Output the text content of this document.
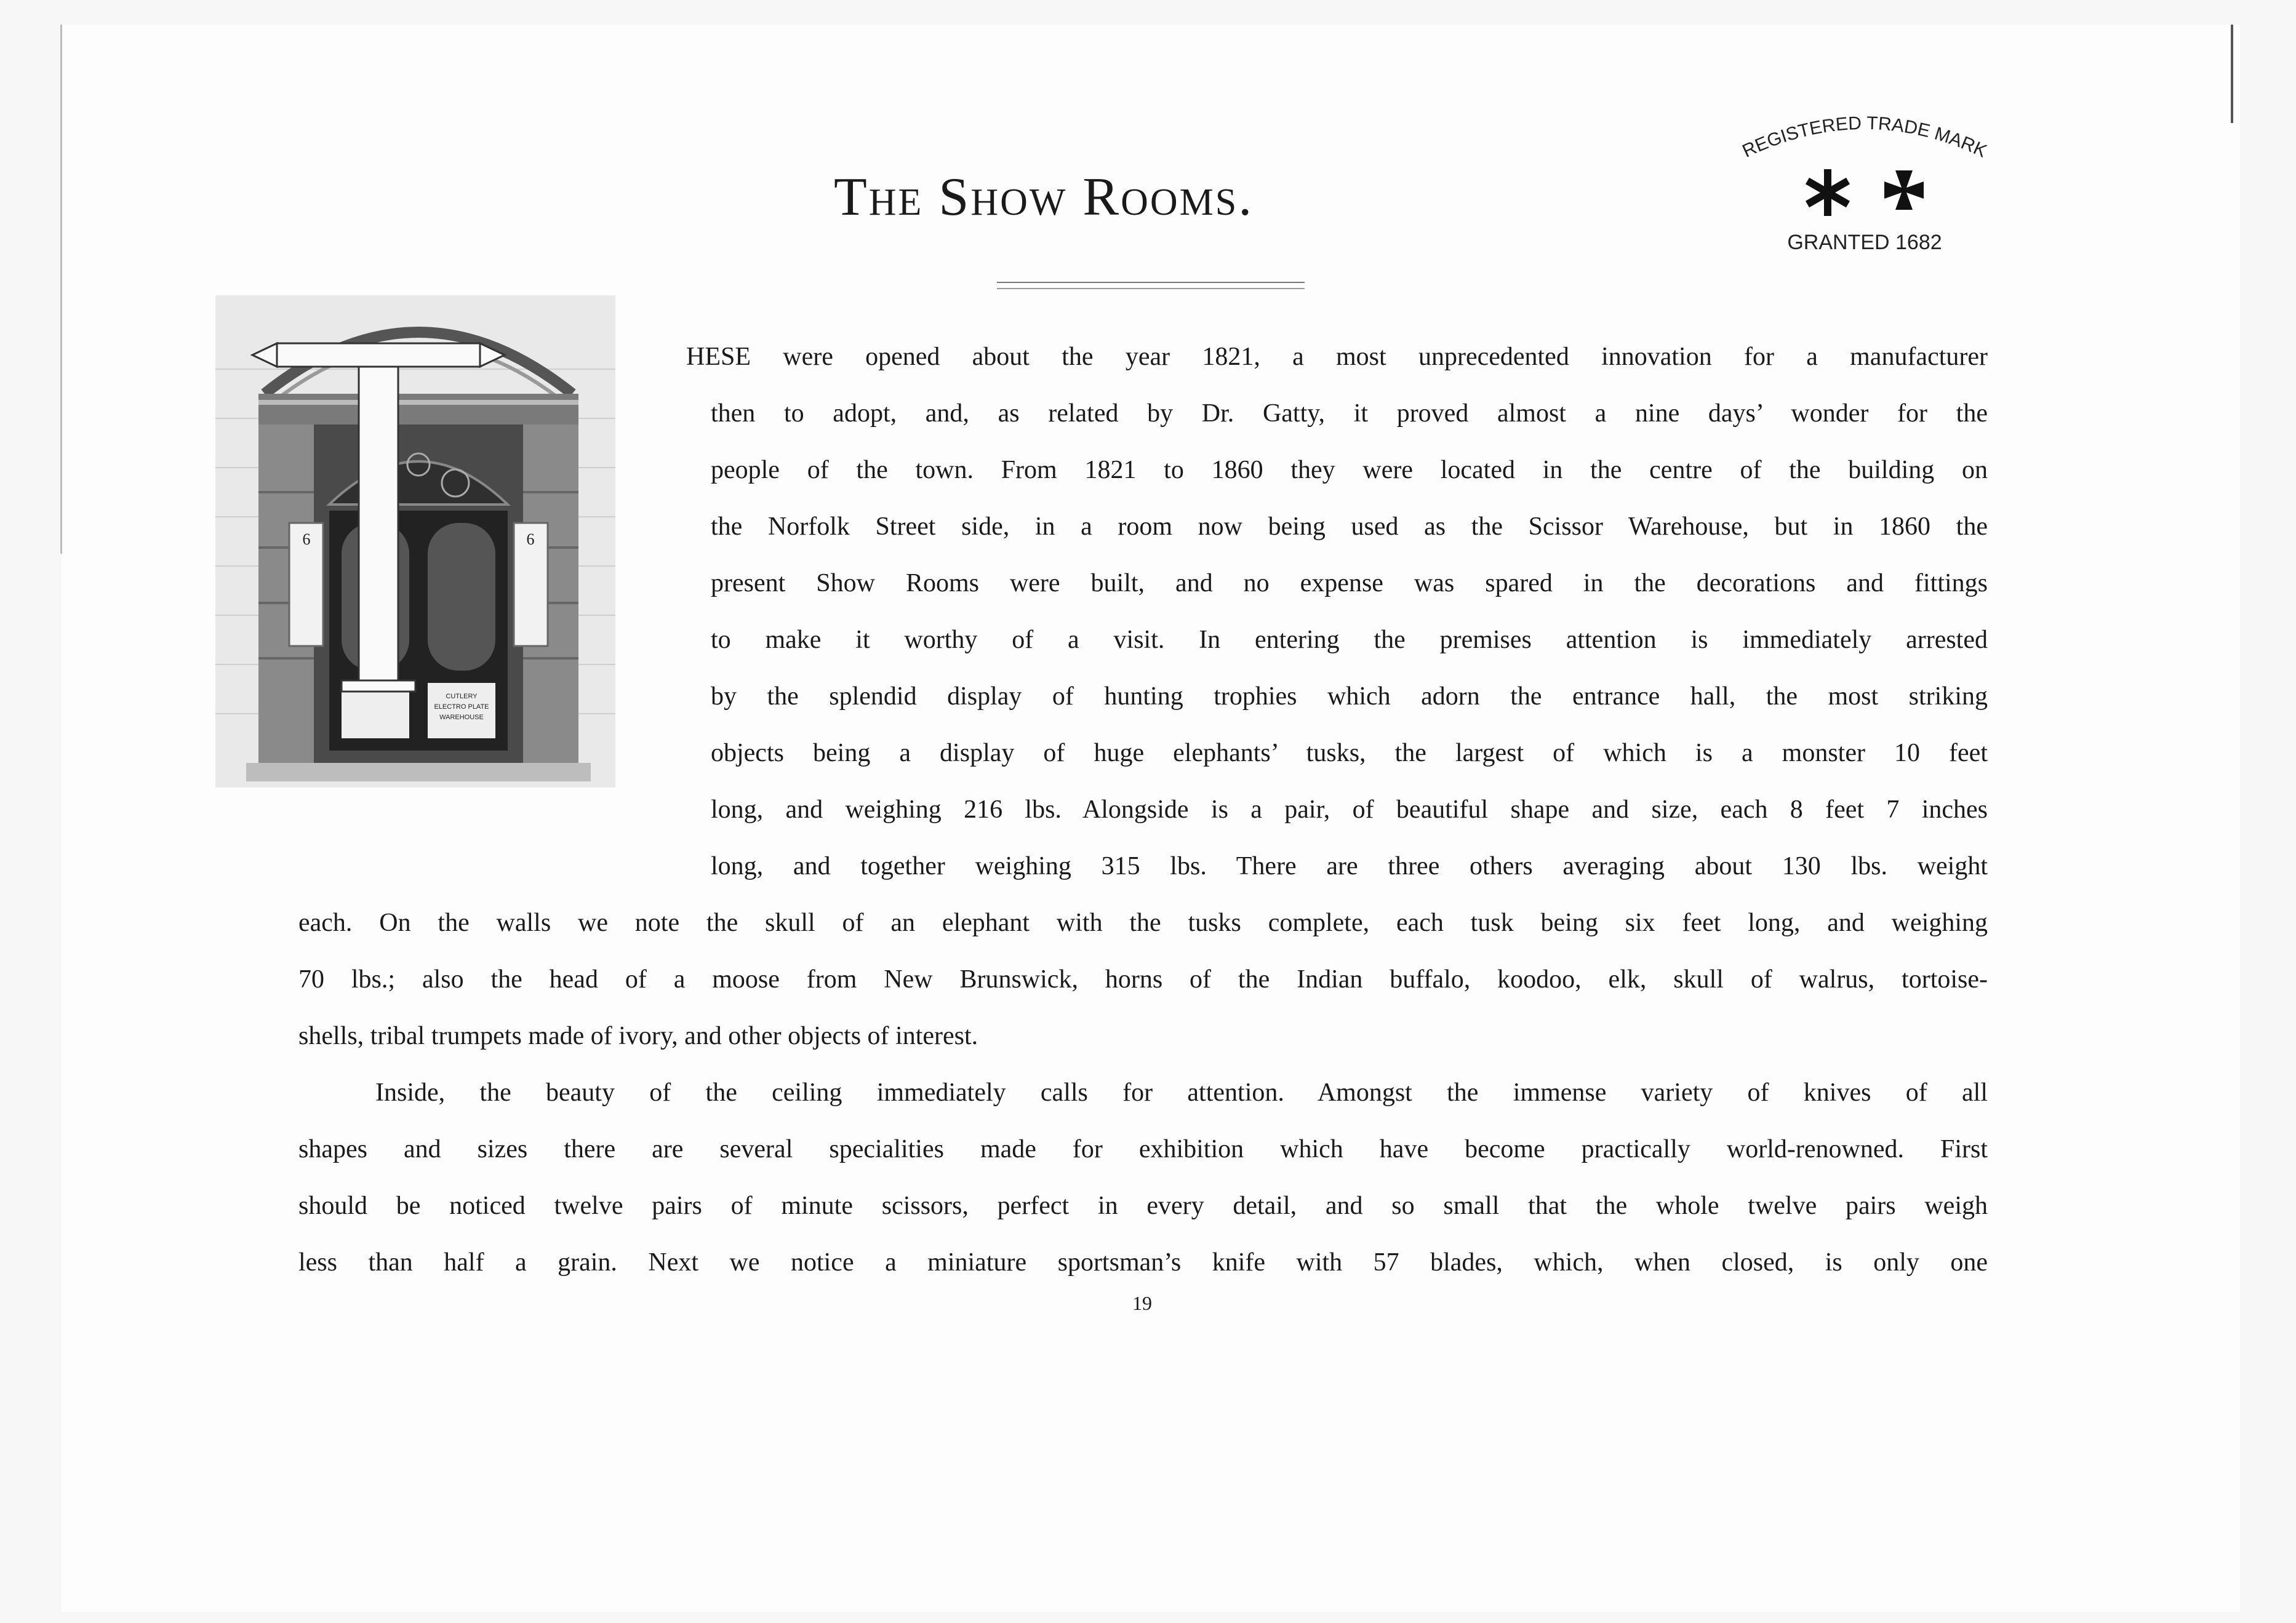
The Show Rooms.
REGISTERED TRADE MARK
GRANTED 1682
CUTLERY
ELECTRO PLATE
WAREHOUSE
6	6
HESE were opened about the year 1821, a most unprecedented innovation for a manufacturer
then to adopt, and, as related by Dr. Gatty, it proved almost a nine days’ wonder for the
people of the town. From 1821 to 1860 they were located in the centre of the building on
the Norfolk Street side, in a room now being used as the Scissor Warehouse, but in 1860 the
present Show Rooms were built, and no expense was spared in the decorations and fittings
to make it worthy of a visit. In entering the premises attention is immediately arrested
by the splendid display of hunting trophies which adorn the entrance hall, the most striking
objects being a display of huge elephants’ tusks, the largest of which is a monster 10 feet
long, and weighing 216 lbs. Alongside is a pair, of beautiful shape and size, each 8 feet 7 inches
long, and together weighing 315 lbs. There are three others averaging about 130 lbs. weight
each. On the walls we note the skull of an elephant with the tusks complete, each tusk being six feet long, and weighing
70 lbs.; also the head of a moose from New Brunswick, horns of the Indian buffalo, koodoo, elk, skull of walrus, tortoise-
shells, tribal trumpets made of ivory, and other objects of interest.
Inside, the beauty of the ceiling immediately calls for attention. Amongst the immense variety of knives of all
shapes and sizes there are several specialities made for exhibition which have become practically world-renowned. First
should be noticed twelve pairs of minute scissors, perfect in every detail, and so small that the whole twelve pairs weigh
less than half a grain. Next we notice a miniature sportsman’s knife with 57 blades, which, when closed, is only one
19
